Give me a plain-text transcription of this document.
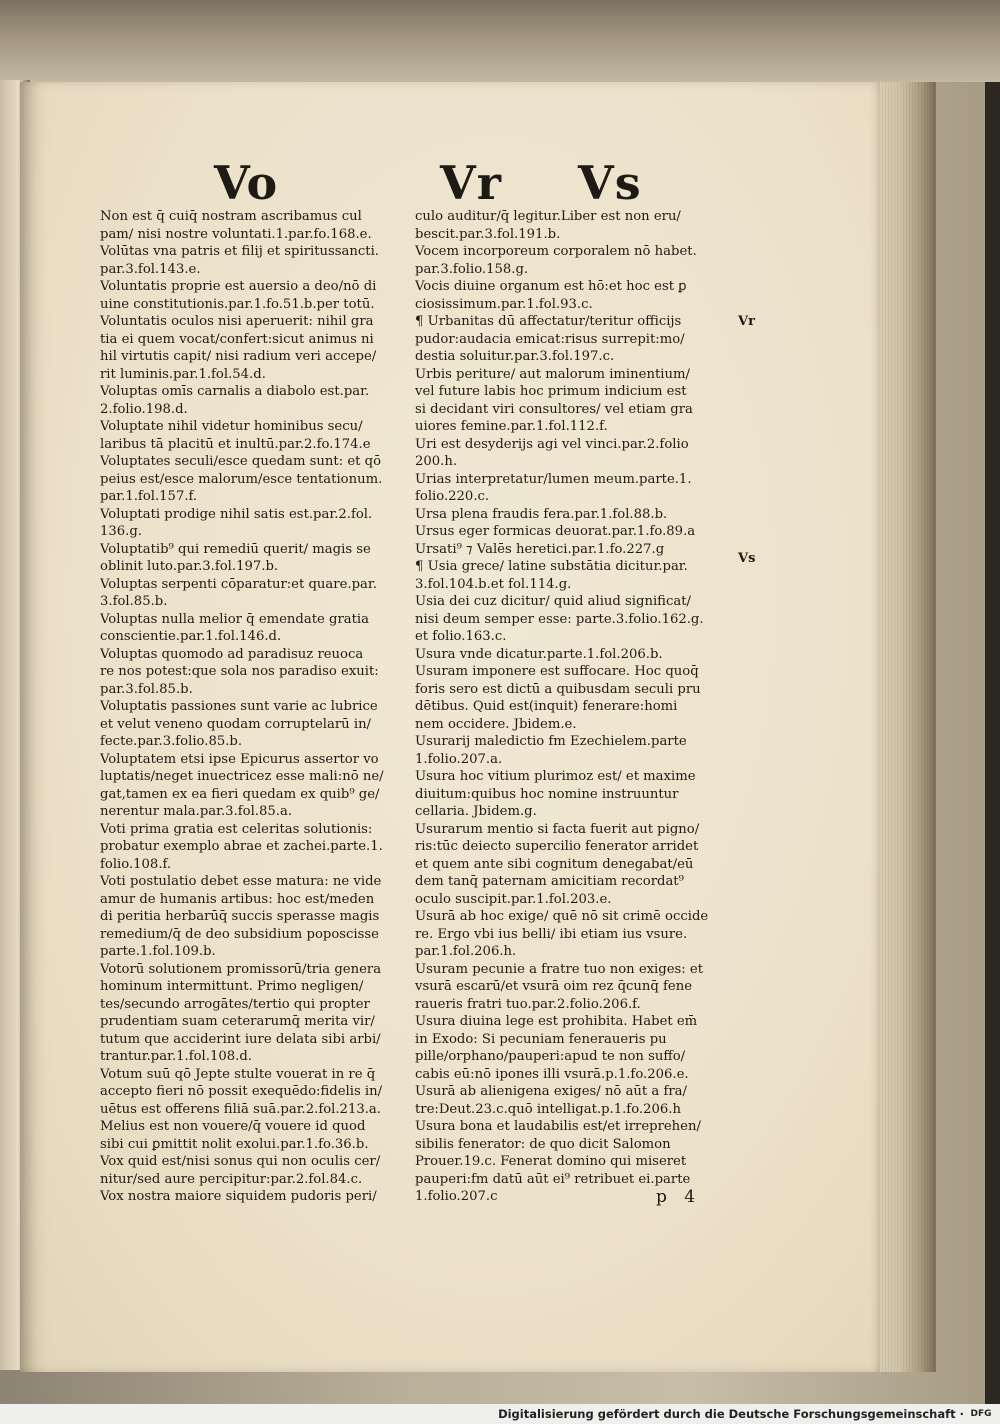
Vo	Vr Vs

Non est q̄ cuiq̄ nostram ascribamus cul

pam/ nisi nostre voluntati.1.par.fo.168.e.

Volūtas vna patris et filij et spiritussancti.

par.3.fol.143.e.

Voluntatis proprie est auersio a deo/nō di

uine constitutionis.par.1.fo.51.b.per totū.

Voluntatis oculos nisi aperuerit: nihil gra

tia ei quem vocat/confert:sicut animus ni

hil virtutis capit/ nisi radium veri accepe/

rit luminis.par.1.fol.54.d.

Voluptas omīs carnalis a diabolo est.par.

2.folio.198.d.

Voluptate nihil videtur hominibus secu/

laribus tā placitū et inultū.par.2.fo.174.e

Voluptates seculi/esce quedam sunt: et qō

peius est/esce malorum/esce tentationum.

par.1.fol.157.f.

Voluptati prodige nihil satis est.par.2.fol.

136.g.

Voluptatib⁹ qui remediū querit/ magis se

oblinit luto.par.3.fol.197.b.

Voluptas serpenti cōparatur:et quare.par.

3.fol.85.b.

Voluptas nulla melior q̄ emendate gratia

conscientie.par.1.fol.146.d.

Voluptas quomodo ad paradisuz reuoca

re nos potest:que sola nos paradiso exuit:

par.3.fol.85.b.

Voluptatis passiones sunt varie ac lubrice

et velut veneno quodam corruptelarū in/

fecte.par.3.folio.85.b.

Voluptatem etsi ipse Epicurus assertor vo

luptatis/neget inuectricez esse mali:nō ne/

gat,tamen ex ea fieri quedam ex quib⁹ ge/

nerentur mala.par.3.fol.85.a.

Voti prima gratia est celeritas solutionis:

probatur exemplo abrae et zachei.parte.1.

folio.108.f.

Voti postulatio debet esse matura: ne vide

amur de humanis artibus: hoc est/meden

di peritia herbarūq̄ succis sperasse magis

remedium/q̄ de deo subsidium poposcisse

parte.1.fol.109.b.

Votorū solutionem promissorū/tria genera

hominum intermittunt. Primo negligen/

tes/secundo arrogātes/tertio qui propter

prudentiam suam ceterarumq̄ merita vir/

tutum que acciderint iure delata sibi arbi/

trantur.par.1.fol.108.d.

Votum suū qō Jepte stulte vouerat in re q̄

accepto fieri nō possit exequēdo:fidelis in/

uētus est offerens filiā suā.par.2.fol.213.a.

Melius est non vouere/q̄ vouere id quod

sibi cui ꝑmittit nolit exolui.par.1.fo.36.b.

Vox quid est/nisi sonus qui non oculis cer/

nitur/sed aure percipitur:par.2.fol.84.c.

Vox nostra maiore siquidem pudoris peri/

culo auditur/q̄ legitur.Liber est non eru/

bescit.par.3.fol.191.b.

Vocem incorporeum corporalem nō habet.

par.3.folio.158.g.

Vocis diuine organum est hō:et hoc est ꝑ

ciosissimum.par.1.fol.93.c.

¶ Urbanitas dū affectatur/teritur officijs

pudor:audacia emicat:risus surrepit:mo/

destia soluitur.par.3.fol.197.c.

Urbis periture/ aut malorum iminentium/

vel future labis hoc primum indicium est

si decidant viri consultores/ vel etiam gra

uiores femine.par.1.fol.112.f.

Uri est desyderijs agi vel vinci.par.2.folio

200.h.

Urias interpretatur/lumen meum.parte.1.

folio.220.c.

Ursa plena fraudis fera.par.1.fol.88.b.

Ursus eger formicas deuorat.par.1.fo.89.a

Ursati⁹ ⁊ Valēs heretici.par.1.fo.227.g

¶ Usia grece/ latine substātia dicitur.par.

3.fol.104.b.et fol.114.g.

Usia dei cuz dicitur/ quid aliud significat/

nisi deum semper esse: parte.3.folio.162.g.

et folio.163.c.

Usura vnde dicatur.parte.1.fol.206.b.

Usuram imponere est suffocare. Hoc quoq̄

foris sero est dictū a quibusdam seculi pru

dētibus. Quid est(inquit) fenerare:homi

nem occidere. Jbidem.e.

Usurarij maledictio fm Ezechielem.parte

1.folio.207.a.

Usura hoc vitium plurimoz est/ et maxime

diuitum:quibus hoc nomine instruuntur

cellaria. Jbidem.g.

Usurarum mentio si facta fuerit aut pigno/

ris:tūc deiecto supercilio fenerator arridet

et quem ante sibi cognitum denegabat/eū

dem tanq̄ paternam amicitiam recordat⁹

oculo suscipit.par.1.fol.203.e.

Usurā ab hoc exige/ quē nō sit crimē occide

re. Ergo vbi ius belli/ ibi etiam ius vsure.

par.1.fol.206.h.

Usuram pecunie a fratre tuo non exiges: et

vsurā escarū/et vsurā oim rez q̄cunq̄ fene

raueris fratri tuo.par.2.folio.206.f.

Usura diuina lege est prohibita. Habet em̄

in Exodo: Si pecuniam feneraueris pu

pille/orphano/pauperi:apud te non suffo/

cabis eū:nō ipones illi vsurā.p.1.fo.206.e.

Usurā ab alienigena exiges/ nō aūt a fra/

tre:Deut.23.c.quō intelligat.p.1.fo.206.h

Usura bona et laudabilis est/et irreprehen/

sibilis fenerator: de quo dicit Salomon

Prouer.19.c. Fenerat domino qui miseret

pauperi:fm datū aūt ei⁹ retribuet ei.parte

1.folio.207.c

Vr
Vs
p 4
Digitalisierung gefördert durch die Deutsche Forschungsgemeinschaft · DFG
